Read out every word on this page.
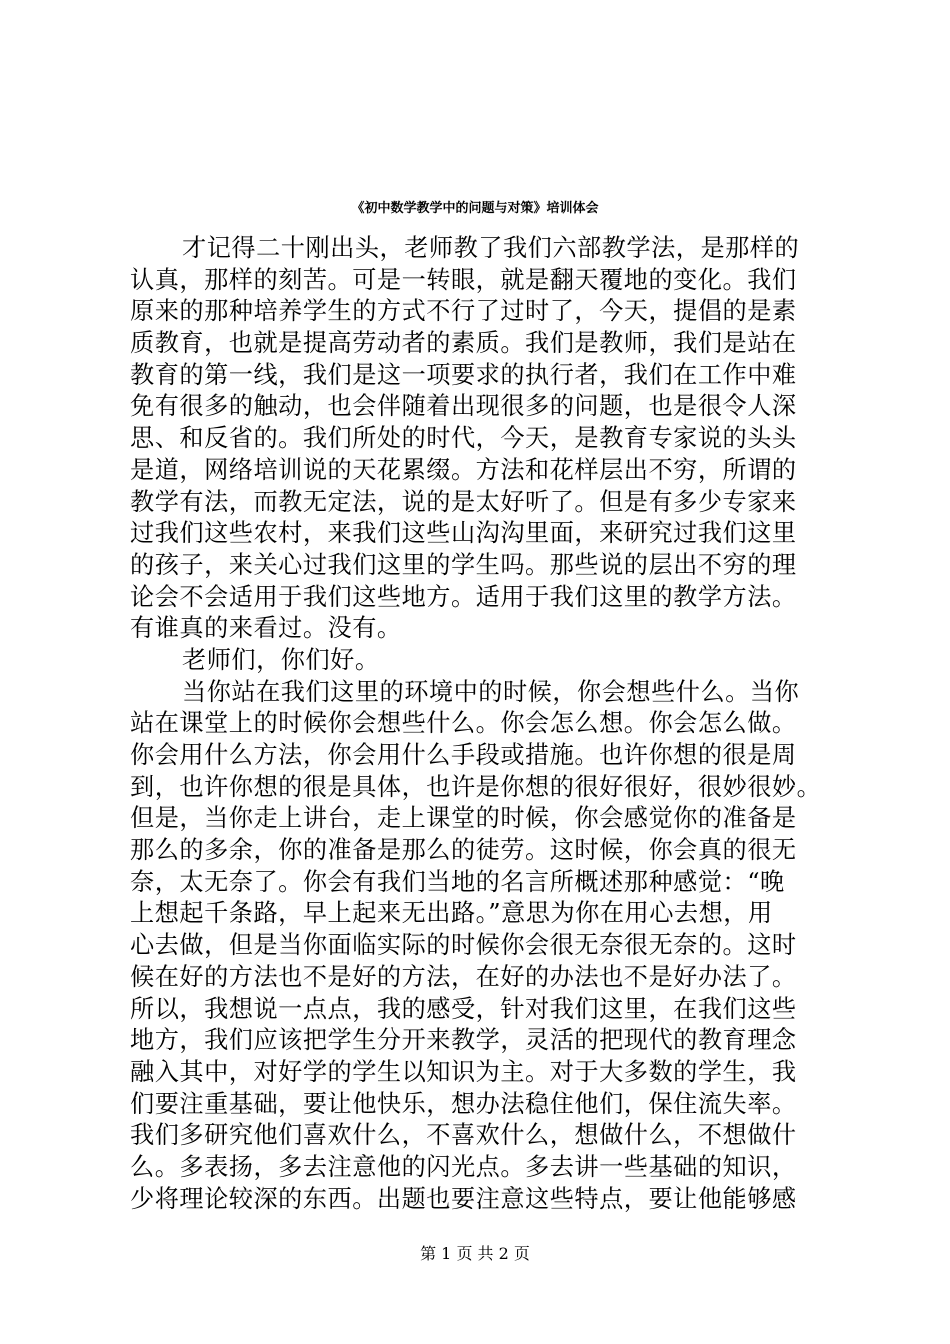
《初中数学教学中的问题与对策》培训体会
才记得二十刚出头，老师教了我们六部教学法，是那样的
认真，那样的刻苦。可是一转眼，就是翻天覆地的变化。我们
原来的那种培养学生的方式不行了过时了，今天，提倡的是素
质教育，也就是提高劳动者的素质。我们是教师，我们是站在
教育的第一线，我们是这一项要求的执行者，我们在工作中难
免有很多的触动，也会伴随着出现很多的问题，也是很令人深
思、和反省的。我们所处的时代，今天，是教育专家说的头头
是道，网络培训说的天花累缀。方法和花样层出不穷，所谓的
教学有法，而教无定法，说的是太好听了。但是有多少专家来
过我们这些农村，来我们这些山沟沟里面，来研究过我们这里
的孩子，来关心过我们这里的学生吗。那些说的层出不穷的理
论会不会适用于我们这些地方。适用于我们这里的教学方法。
有谁真的来看过。没有。
老师们，你们好。
当你站在我们这里的环境中的时候，你会想些什么。当你
站在课堂上的时候你会想些什么。你会怎么想。你会怎么做。
你会用什么方法，你会用什么手段或措施。也许你想的很是周
到，也许你想的很是具体，也许是你想的很好很好，很妙很妙。
但是，当你走上讲台，走上课堂的时候，你会感觉你的准备是
那么的多余，你的准备是那么的徒劳。这时候，你会真的很无
奈，太无奈了。你会有我们当地的名言所概述那种感觉：“晚
上想起千条路，早上起来无出路。”意思为你在用心去想，用
心去做，但是当你面临实际的时候你会很无奈很无奈的。这时
候在好的方法也不是好的方法，在好的办法也不是好办法了。
所以，我想说一点点，我的感受，针对我们这里，在我们这些
地方，我们应该把学生分开来教学，灵活的把现代的教育理念
融入其中，对好学的学生以知识为主。对于大多数的学生，我
们要注重基础，要让他快乐，想办法稳住他们，保住流失率。
我们多研究他们喜欢什么，不喜欢什么，想做什么，不想做什
么。多表扬，多去注意他的闪光点。多去讲一些基础的知识，
少将理论较深的东西。出题也要注意这些特点，要让他能够感
第 1 页 共 2 页
